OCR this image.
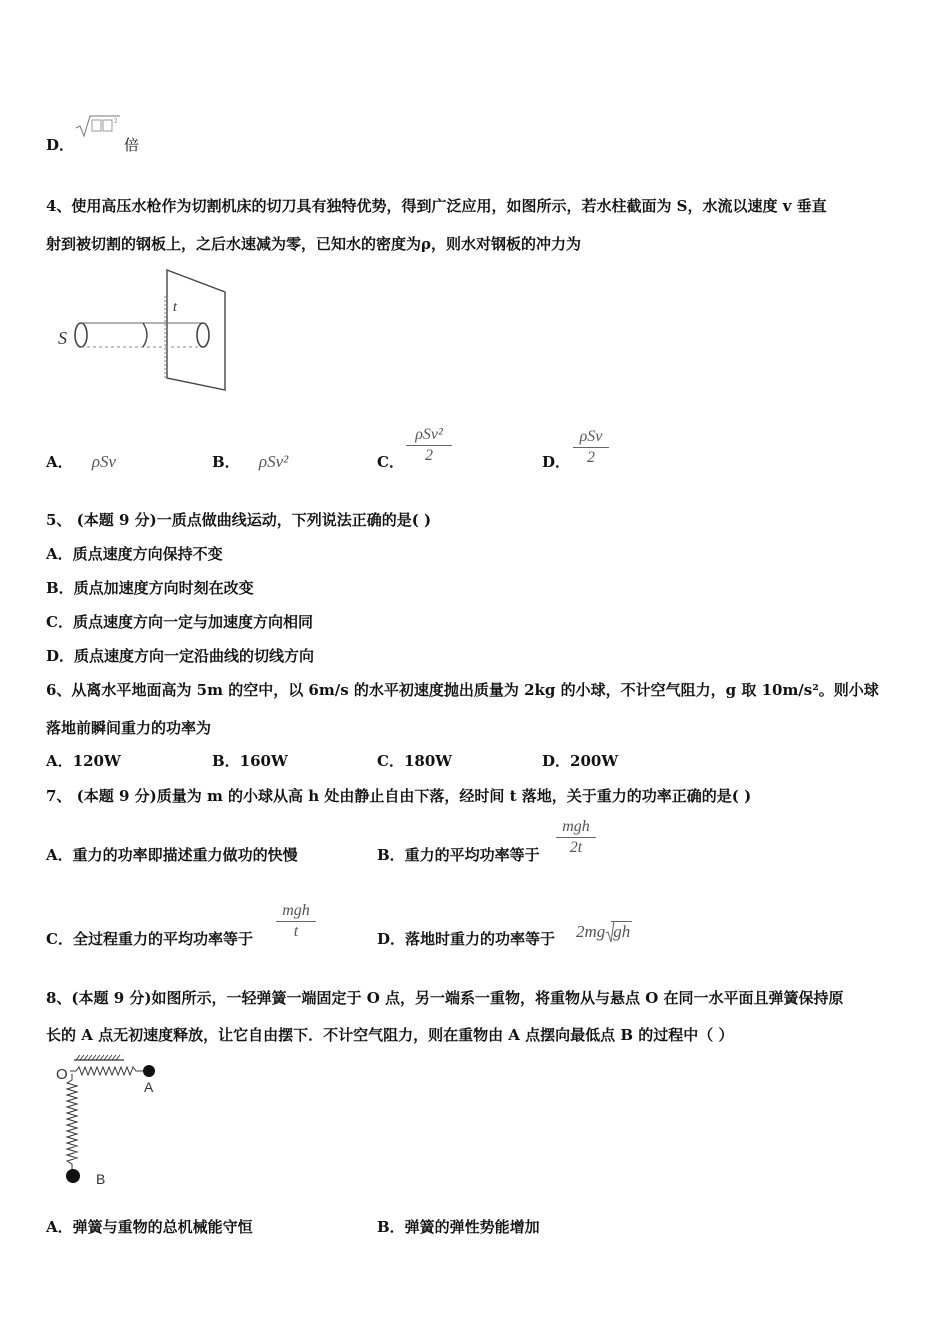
D．
2
倍
4、使用高压水枪作为切割机床的切刀具有独特优势，得到广泛应用，如图所示，若水柱截面为 S，水流以速度 v 垂直
射到被切割的钢板上，之后水速减为零，已知水的密度为ρ，则水对钢板的冲力为
S
t
A． ρSv	B． ρSv²	C．
ρSv²
2	D．
ρSv
2
5、 (本题 9 分)一质点做曲线运动，下列说法正确的是( )
A．质点速度方向保持不变
B．质点加速度方向时刻在改变
C．质点速度方向一定与加速度方向相同
D．质点速度方向一定沿曲线的切线方向
6、从离水平地面高为 5m 的空中，以 6m/s 的水平初速度抛出质量为 2kg 的小球，不计空气阻力，g 取 10m/s²。则小球
落地前瞬间重力的功率为
A．120W	B．160W	C．180W	D．200W
7、 (本题 9 分)质量为 m 的小球从高 h 处由静止自由下落，经时间 t 落地，关于重力的功率正确的是( )
A．重力的功率即描述重力做功的快慢	B．重力的平均功率等于
mgh
2t
C．全过程重力的平均功率等于
mgh
t	D．落地时重力的功率等于 2mg gh
8、(本题 9 分)如图所示，一轻弹簧一端固定于 O 点，另一端系一重物，将重物从与悬点 O 在同一水平面且弹簧保持原
长的 A 点无初速度释放，让它自由摆下．不计空气阻力，则在重物由 A 点摆向最低点 B 的过程中（ ）
O
A
B
A．弹簧与重物的总机械能守恒	B．弹簧的弹性势能增加
